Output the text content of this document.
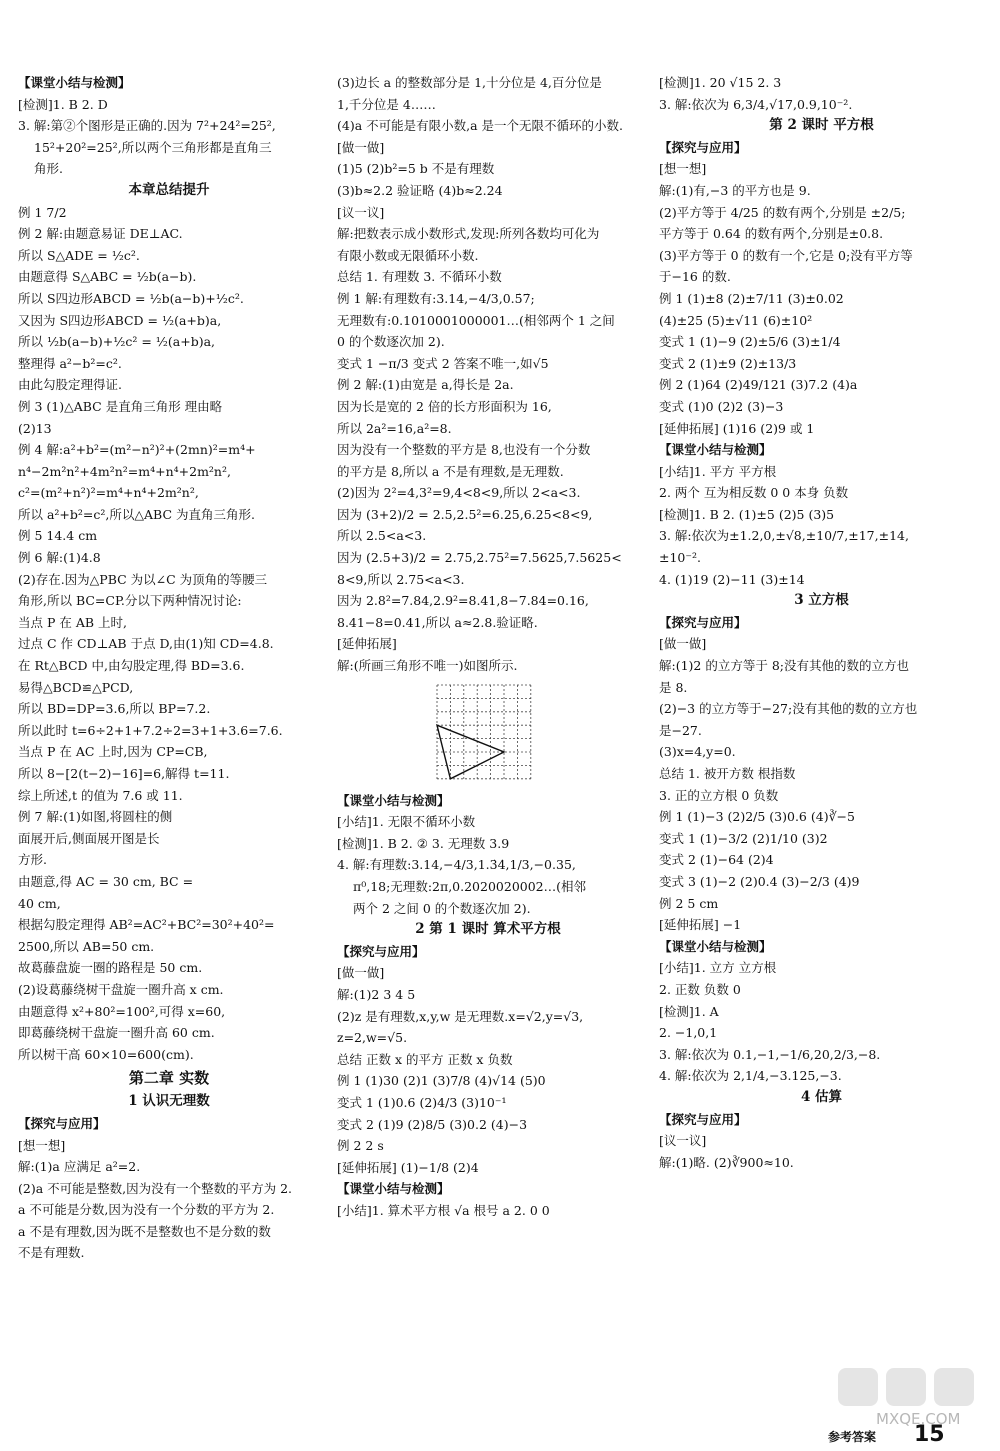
【课堂小结与检测】
[检测]1. B 2. D
3. 解:第②个图形是正确的.因为 7²+24²=25²,
15²+20²=25²,所以两个三角形都是直角三
角形.
本章总结提升
例 1 7/2
例 2 解:由题意易证 DE⊥AC.
所以 S△ADE = ½c².
由题意得 S△ABC = ½b(a−b).
所以 S四边形ABCD = ½b(a−b)+½c².
又因为 S四边形ABCD = ½(a+b)a,
所以 ½b(a−b)+½c² = ½(a+b)a,
整理得 a²−b²=c².
由此勾股定理得证.
例 3 (1)△ABC 是直角三角形 理由略
(2)13
例 4 解:a²+b²=(m²−n²)²+(2mn)²=m⁴+
n⁴−2m²n²+4m²n²=m⁴+n⁴+2m²n²,
c²=(m²+n²)²=m⁴+n⁴+2m²n²,
所以 a²+b²=c²,所以△ABC 为直角三角形.
例 5 14.4 cm
例 6 解:(1)4.8
(2)存在.因为△PBC 为以∠C 为顶角的等腰三
角形,所以 BC=CP.分以下两种情况讨论:
当点 P 在 AB 上时,
过点 C 作 CD⊥AB 于点 D,由(1)知 CD=4.8.
在 Rt△BCD 中,由勾股定理,得 BD=3.6.
易得△BCD≌△PCD,
所以 BD=DP=3.6,所以 BP=7.2.
所以此时 t=6÷2+1+7.2÷2=3+1+3.6=7.6.
当点 P 在 AC 上时,因为 CP=CB,
所以 8−[2(t−2)−16]=6,解得 t=11.
综上所述,t 的值为 7.6 或 11.
例 7 解:(1)如图,将圆柱的侧
面展开后,侧面展开图是长
方形.
由题意,得 AC = 30 cm, BC =
40 cm,
根据勾股定理得 AB²=AC²+BC²=30²+40²=
2500,所以 AB=50 cm.
故葛藤盘旋一圈的路程是 50 cm.
(2)设葛藤绕树干盘旋一圈升高 x cm.
由题意得 x²+80²=100²,可得 x=60,
即葛藤绕树干盘旋一圈升高 60 cm.
所以树干高 60×10=600(cm).
第二章 实数
1 认识无理数
【探究与应用】
[想一想]
解:(1)a 应满足 a²=2.
(2)a 不可能是整数,因为没有一个整数的平方为 2.
a 不可能是分数,因为没有一个分数的平方为 2.
a 不是有理数,因为既不是整数也不是分数的数
不是有理数.
(3)边长 a 的整数部分是 1,十分位是 4,百分位是
1,千分位是 4……
(4)a 不可能是有限小数,a 是一个无限不循环的小数.
[做一做]
(1)5 (2)b²=5 b 不是有理数
(3)b≈2.2 验证略 (4)b≈2.24
[议一议]
解:把数表示成小数形式,发现:所列各数均可化为
有限小数或无限循环小数.
总结 1. 有理数 3. 不循环小数
例 1 解:有理数有:3.14,−4/3,0.5̇7̇;
无理数有:0.1010001000001…(相邻两个 1 之间
0 的个数逐次加 2).
变式 1 −π/3 变式 2 答案不唯一,如√5
例 2 解:(1)由宽是 a,得长是 2a.
因为长是宽的 2 倍的长方形面积为 16,
所以 2a²=16,a²=8.
因为没有一个整数的平方是 8,也没有一个分数
的平方是 8,所以 a 不是有理数,是无理数.
(2)因为 2²=4,3²=9,4<8<9,所以 2<a<3.
因为 (3+2)/2 = 2.5,2.5²=6.25,6.25<8<9,
所以 2.5<a<3.
因为 (2.5+3)/2 = 2.75,2.75²=7.5625,7.5625<
8<9,所以 2.75<a<3.
因为 2.8²=7.84,2.9²=8.41,8−7.84=0.16,
8.41−8=0.41,所以 a≈2.8.验证略.
[延伸拓展]
解:(所画三角形不唯一)如图所示.
【课堂小结与检测】
[小结]1. 无限不循环小数
[检测]1. B 2. ② 3. 无理数 3.9
4. 解:有理数:3.14,−4/3,1.3̇4̇,1/3,−0.35,
π⁰,18;无理数:2π,0.2020020002…(相邻
两个 2 之间 0 的个数逐次加 2).
2 第 1 课时 算术平方根
【探究与应用】
[做一做]
解:(1)2 3 4 5
(2)z 是有理数,x,y,w 是无理数.x=√2,y=√3,
z=2,w=√5.
总结 正数 x 的平方 正数 x 负数
例 1 (1)30 (2)1 (3)7/8 (4)√14 (5)0
变式 1 (1)0.6 (2)4/3 (3)10⁻¹
变式 2 (1)9 (2)8/5 (3)0.2 (4)−3
例 2 2 s
[延伸拓展] (1)−1/8 (2)4
【课堂小结与检测】
[小结]1. 算术平方根 √a 根号 a 2. 0 0
[检测]1. 20 √15 2. 3
3. 解:依次为 6,3/4,√17,0.9,10⁻².
第 2 课时 平方根
【探究与应用】
[想一想]
解:(1)有,−3 的平方也是 9.
(2)平方等于 4/25 的数有两个,分别是 ±2/5;
平方等于 0.64 的数有两个,分别是±0.8.
(3)平方等于 0 的数有一个,它是 0;没有平方等
于−16 的数.
例 1 (1)±8 (2)±7/11 (3)±0.02
(4)±25 (5)±√11 (6)±10²
变式 1 (1)−9 (2)±5/6 (3)±1/4
变式 2 (1)±9 (2)±13/3
例 2 (1)64 (2)49/121 (3)7.2 (4)a
变式 (1)0 (2)2 (3)−3
[延伸拓展] (1)16 (2)9 或 1
【课堂小结与检测】
[小结]1. 平方 平方根
2. 两个 互为相反数 0 0 本身 负数
[检测]1. B 2. (1)±5 (2)5 (3)5
3. 解:依次为±1.2,0,±√8,±10/7,±17,±14,
±10⁻².
4. (1)19 (2)−11 (3)±14
3 立方根
【探究与应用】
[做一做]
解:(1)2 的立方等于 8;没有其他的数的立方也
是 8.
(2)−3 的立方等于−27;没有其他的数的立方也
是−27.
(3)x=4,y=0.
总结 1. 被开方数 根指数
3. 正的立方根 0 负数
例 1 (1)−3 (2)2/5 (3)0.6 (4)∛−5
变式 1 (1)−3/2 (2)1/10 (3)2
变式 2 (1)−64 (2)4
变式 3 (1)−2 (2)0.4 (3)−2/3 (4)9
例 2 5 cm
[延伸拓展] −1
【课堂小结与检测】
[小结]1. 立方 立方根
2. 正数 负数 0
[检测]1. A
2. −1,0,1
3. 解:依次为 0.1,−1,−1/6,20,2/3,−8.
4. 解:依次为 2,1/4,−3.125,−3.
4 估算
【探究与应用】
[议一议]
解:(1)略. (2)∛900≈10.
参考答案 15
MXQE.COM
